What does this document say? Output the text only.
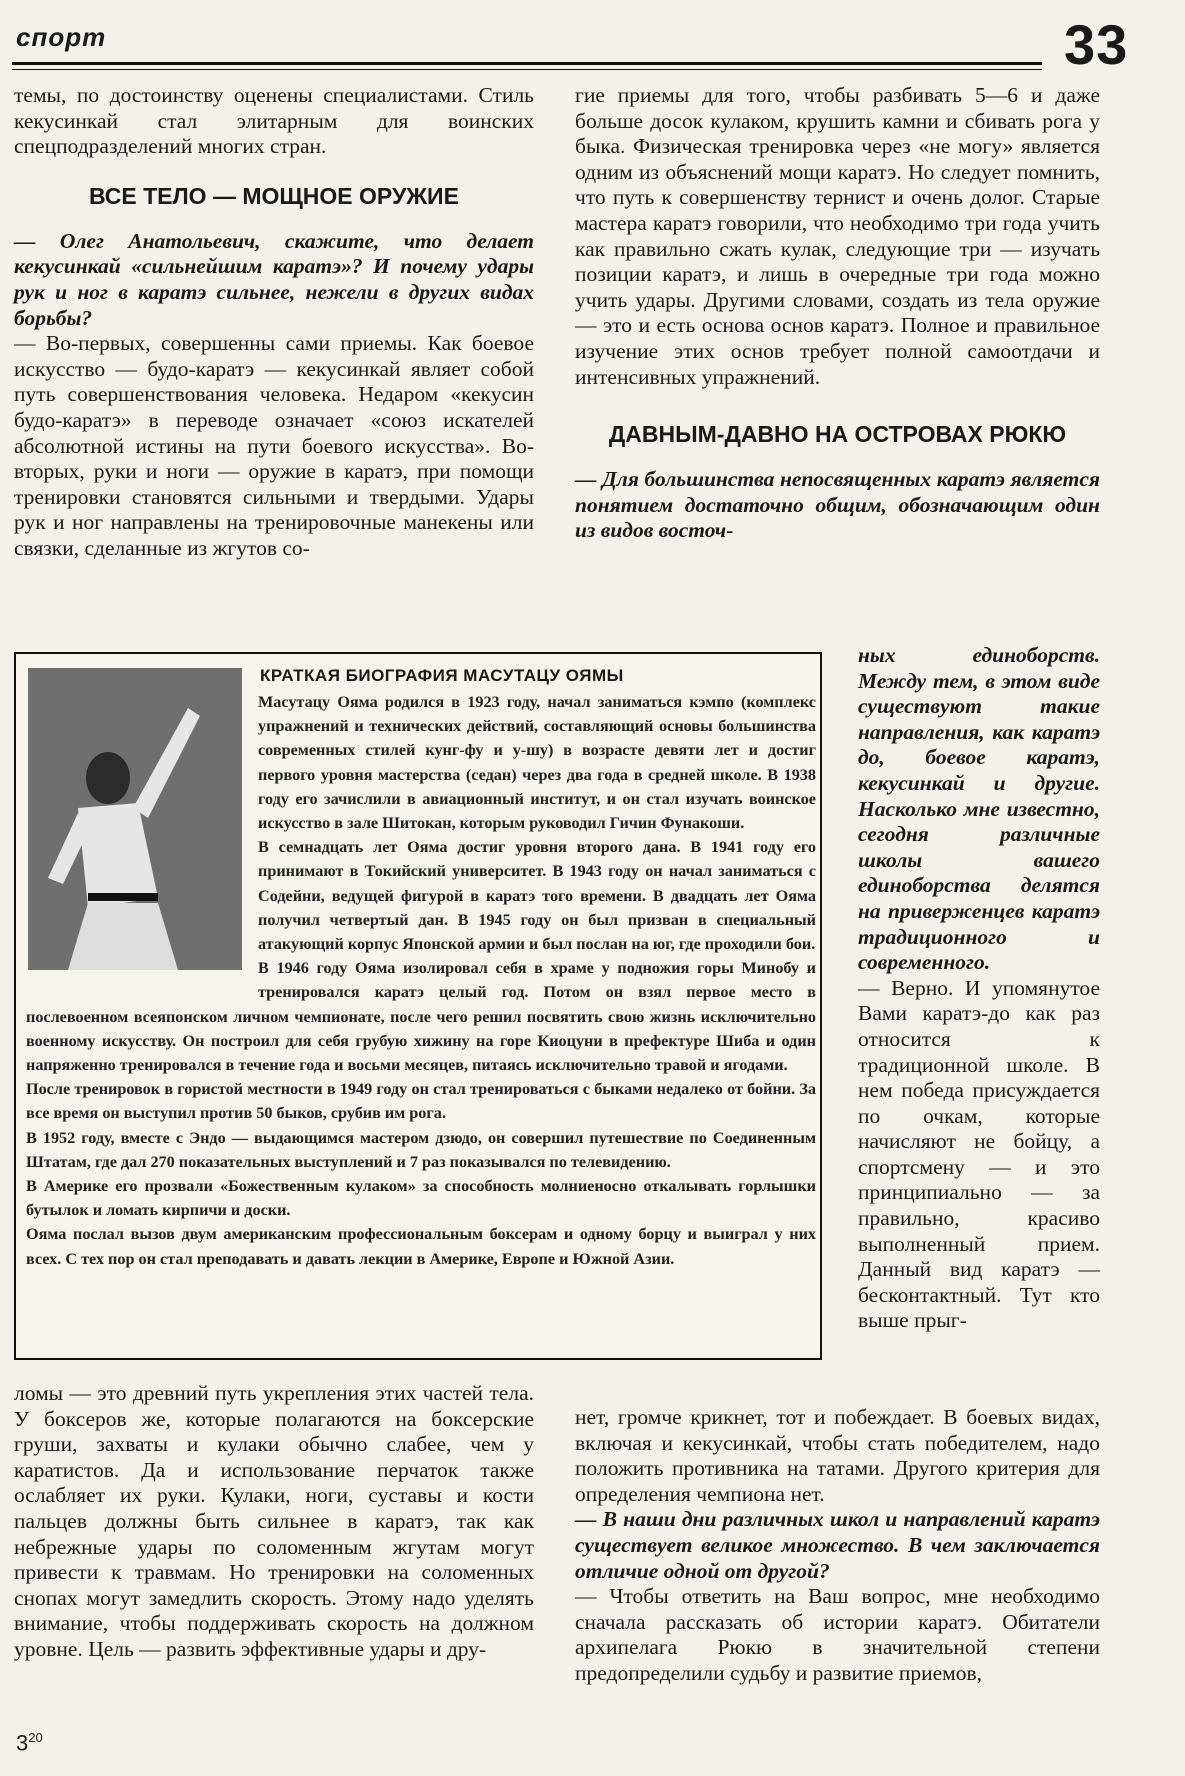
спорт	33

темы, по достоинству оценены специалистами. Стиль кекусинкай стал элитарным для воинских спецподразделений многих стран.

ВСЕ ТЕЛО — МОЩНОЕ ОРУЖИЕ

— Олег Анатольевич, скажите, что делает кекусинкай «сильнейшим каратэ»? И почему удары рук и ног в каратэ сильнее, нежели в другиx видах борьбы?

— Во-первых, совершенны сами приемы. Как боевое искусство — будо-каратэ — кекусинкай являет собой путь совершенствования человека. Недаром «кекусин будо-каратэ» в переводе означает «союз искателей абсолютной истины на пути боевого искусства». Во-вторых, руки и ноги — оружие в каратэ, при помощи тренировки становятся сильными и твердыми. Удары рук и ног направлены на тренировочные манекены или связки, сделанные из жгутов со-

КРАТКАЯ БИОГРАФИЯ МАСУТАЦУ ОЯМЫ

Масутацу Ояма родился в 1923 году, начал заниматься кэмпо (комплекс упражнений и технических действий, составляющий основы большинства современных стилей кунг-фу и у-шу) в возрасте девяти лет и достиг первого уровня мастерства (седан) через два года в средней школе. В 1938 году его зачислили в авиационный институт, и он стал изучать воинское искусство в зале Шитокан, которым руководил Гичин Фунакоши.

В семнадцать лет Ояма достиг уровня второго дана. В 1941 году его принимают в Токийский университет. В 1943 году он начал заниматься с Содейни, ведущей фигурой в каратэ того времени. В двадцать лет Ояма получил четвертый дан. В 1945 году он был призван в специальный атакующий корпус Японской армии и был послан на юг, где проходили бои.

В 1946 году Ояма изолировал себя в храме у подножия горы Минобу и тренировался каратэ целый год. Потом он взял первое место в послевоенном всеяпонском личном чемпионате, после чего решил посвятить свою жизнь исключительно военному искусству. Он построил для себя грубую хижину на горе Киоцуни в префектуре Шиба и один напряженно тренировался в течение года и восьми месяцев, питаясь исключительно травой и ягодами.

После тренировок в гористой местности в 1949 году он стал тренироваться с быками недалеко от бойни. За все время он выступил против 50 быков, срубив им рога.

В 1952 году, вместе с Эндо — выдающимся мастером дзюдо, он совершил путешествие по Соединенным Штатам, где дал 270 показательных выступлений и 7 раз показывался по телевидению.

В Америке его прозвали «Божественным кулаком» за способность молниеносно откалывать горлышки бутылок и ломать кирпичи и доски.

Ояма послал вызов двум американским профессиональным боксерам и одному борцу и выиграл у них всех. С тех пор он стал преподавать и давать лекции в Америке, Европе и Южной Азии.

ломы — это древний путь укрепления этих частей тела. У боксеров же, которые полагаются на боксерские груши, захваты и кулаки обычно слабее, чем у каратистов. Да и использование перчаток также ослабляет их руки. Кулаки, ноги, суставы и кости пальцев должны быть сильнее в каратэ, так как небрежные удары по соломенным жгутам могут привести к травмам. Но тренировки на соломенных снопах могут замедлить скорость. Этому надо уделять внимание, чтобы поддерживать скорость на должном уровне. Цель — развить эффективные удары и дру-

гие приемы для того, чтобы разбивать 5—6 и даже больше досок кулаком, крушить камни и сбивать рога у быка. Физическая тренировка через «не могу» является одним из объяснений мощи каратэ. Но следует помнить, что путь к совершенству тернист и очень долог. Старые мастера каратэ говорили, что необходимо три года учить как правильно сжать кулак, следующие три — изучать позиции каратэ, и лишь в очередные три года можно учить удары. Другими словами, создать из тела оружие — это и есть основа основ каратэ. Полное и правильное изучение этих основ требует полной самоотдачи и интенсивных упражнений.

ДАВНЫМ-ДАВНО НА ОСТРОВАХ РЮКЮ

— Для большинства непосвященных каратэ является понятием достаточно общим, обозначающим один из видов восточ-

ных единоборств. Между тем, в этом виде существуют такие направления, как каратэ до, боевое каратэ, кекусинкай и другие. Насколько мне известно, сегодня различные школы вашего единоборства делятся на приверженцев каратэ традиционного и современного.

— Верно. И упомянутое Вами каратэ-до как раз относится к традиционной школе. В нем победа присуждается по очкам, которые начисляют не бойцу, а спортсмену — и это принципиально — за правильно, красиво выполненный прием. Данный вид каратэ — бесконтактный. Тут кто выше прыг-

нет, громче крикнет, тот и побеждает. В боевых видах, включая и кекусинкай, чтобы стать победителем, надо положить противника на татами. Другого критерия для определения чемпиона нет.

— В наши дни различных школ и направлений каратэ существует великое множество. В чем заключается отличие одной от другой?

— Чтобы ответить на Ваш вопрос, мне необходимо сначала рассказать об истории каратэ. Обитатели архипелага Рюкю в значительной степени предопределили судьбу и развитие приемов,

$3^{20}$
